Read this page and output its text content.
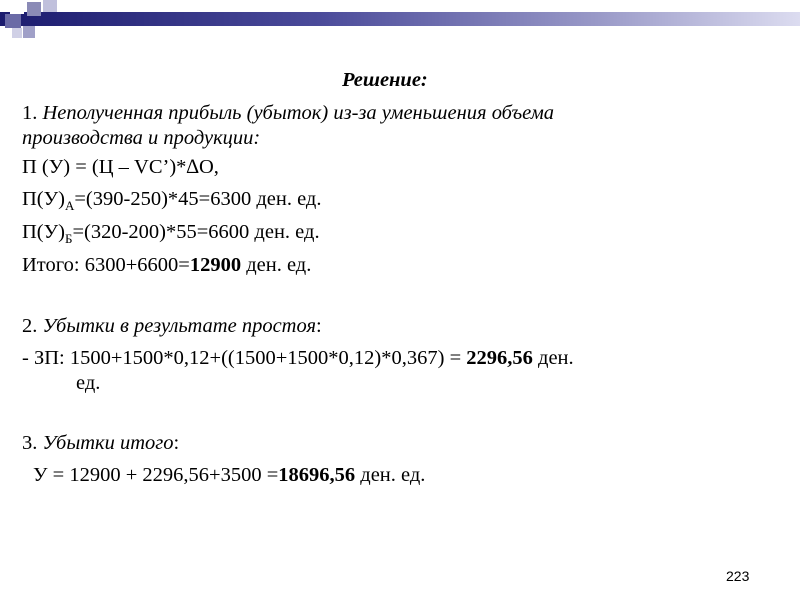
Решение:
1. Неполученная прибыль (убыток) из-за уменьшения объема
производства и продукции:
П (У) = (Ц – VC’)*∆О,
$П(У)_А=(390-250)*45=6300$ ден. ед.
$П(У)_Б=(320-200)*55=6600$ ден. ед.
Итого: 6300+6600=12900 ден. ед.
2. Убытки в результате простоя:
- ЗП: 1500+1500*0,12+((1500+1500*0,12)*0,367) = 2296,56 ден.
ед.
3. Убытки итого:
У = 12900 + 2296,56+3500 =18696,56 ден. ед.
223
